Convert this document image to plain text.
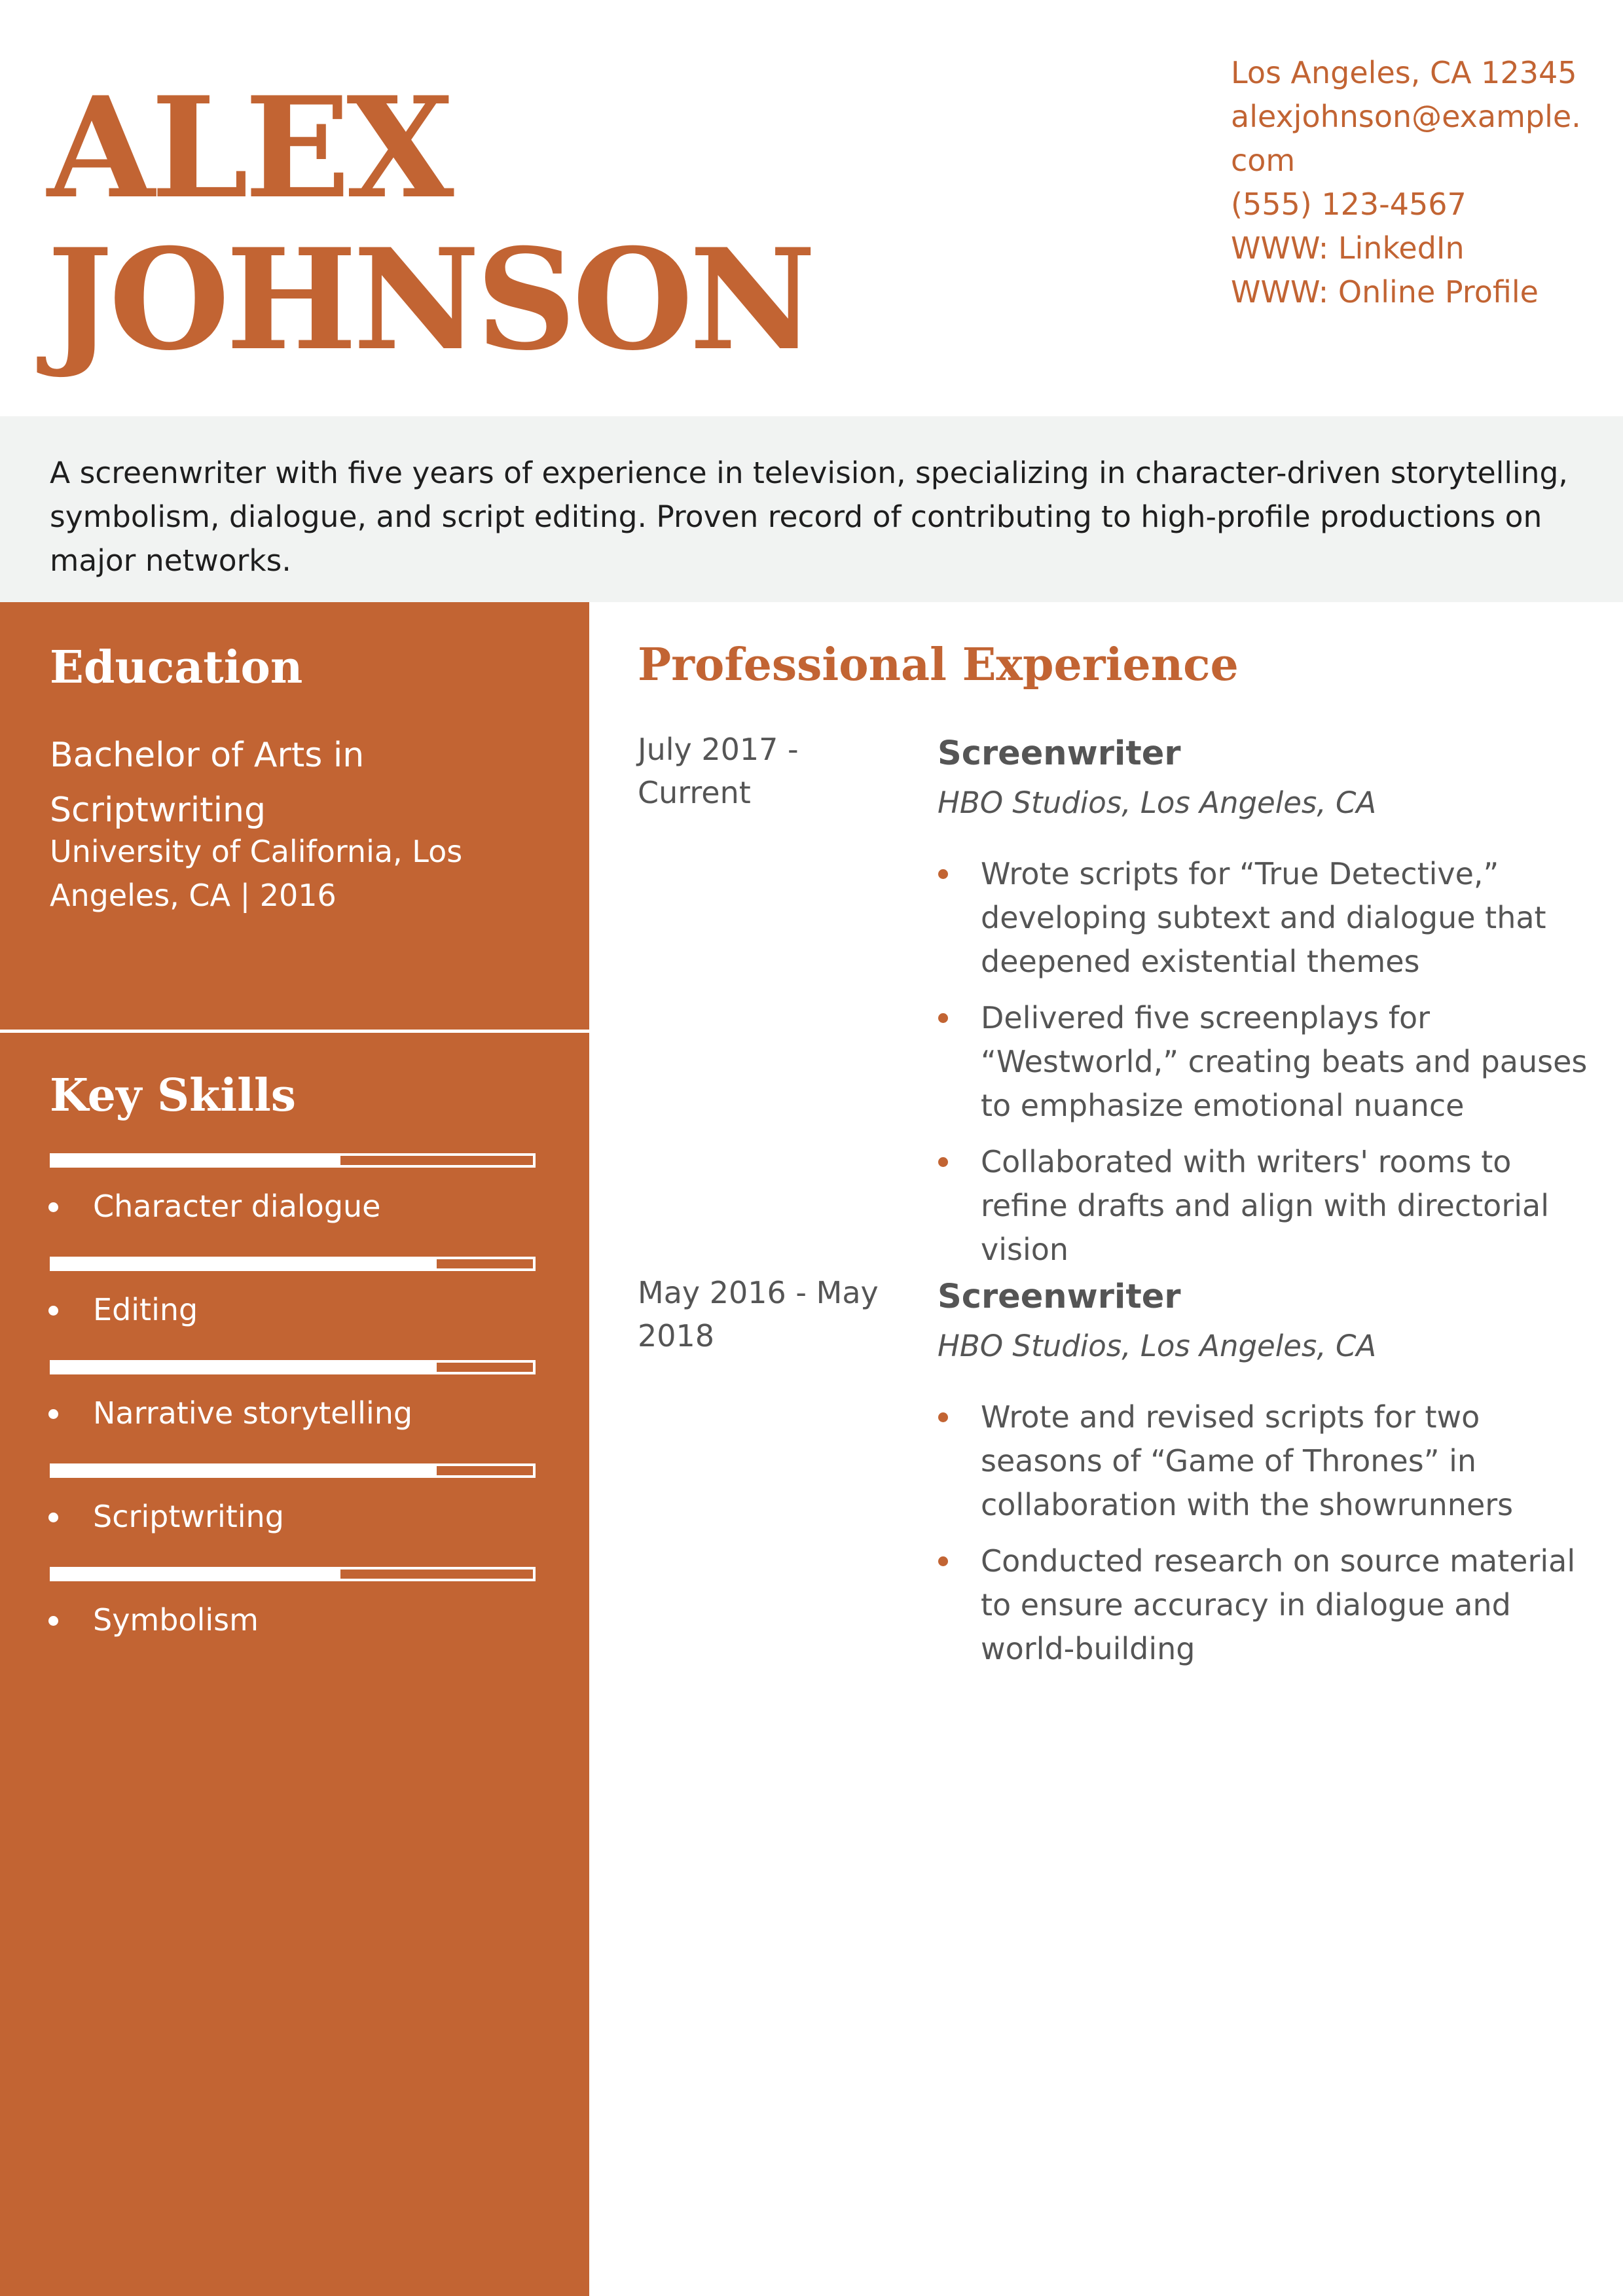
ALEX
JOHNSON
Los Angeles, CA 12345
alexjohnson@example.
com
(555) 123-4567
WWW: LinkedIn
WWW: Online Profile

A screenwriter with five years of experience in television, specializing in character-driven storytelling, symbolism, dialogue, and script editing. Proven record of contributing to high-profile productions on major networks.

Education

Bachelor of Arts in Scriptwriting

University of California, Los Angeles, CA | 2016

Key Skills

Character dialogue

Editing

Narrative storytelling

Scriptwriting

Symbolism

Professional Experience
July 2017 - Current
Screenwriter
HBO Studios, Los Angeles, CA

Wrote scripts for “True Detective,” developing subtext and dialogue that deepened existential themes

Delivered five screenplays for “Westworld,” creating beats and pauses to emphasize emotional nuance

Collaborated with writers' rooms to refine drafts and align with directorial vision

May 2016 - May 2018
Screenwriter
HBO Studios, Los Angeles, CA

Wrote and revised scripts for two seasons of “Game of Thrones” in collaboration with the showrunners

Conducted research on source material to ensure accuracy in dialogue and world-building
